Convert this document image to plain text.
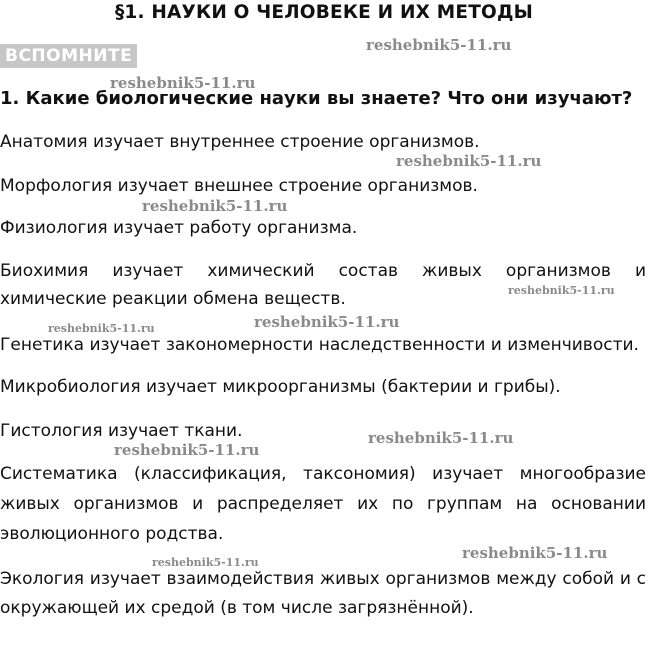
§1. НАУКИ О ЧЕЛОВЕКЕ И ИХ МЕТОДЫ
ВСПОМНИТЕ
1. Какие биологические науки вы знаете? Что они изучают?
Анатомия изучает внутреннее строение организмов.
Морфология изучает внешнее строение организмов.
Физиология изучает работу организма.
Биохимия изучает химический состав живых организмов и химические реакции обмена веществ.
Генетика изучает закономерности наследственности и изменчивости.
Микробиология изучает микроорганизмы (бактерии и грибы).
Гистология изучает ткани.
Систематика (классификация, таксономия) изучает многообразие живых организмов и распределяет их по группам на основании эволюционного родства.
Экология изучает взаимодействия живых организмов между собой и с окружающей их средой (в том числе загрязнённой).
reshebnik5-11.ru
reshebnik5-11.ru
reshebnik5-11.ru
reshebnik5-11.ru
reshebnik5-11.ru
reshebnik5-11.ru	reshebnik5-11.ru
reshebnik5-11.ru
reshebnik5-11.ru
reshebnik5-11.ru
reshebnik5-11.ru
